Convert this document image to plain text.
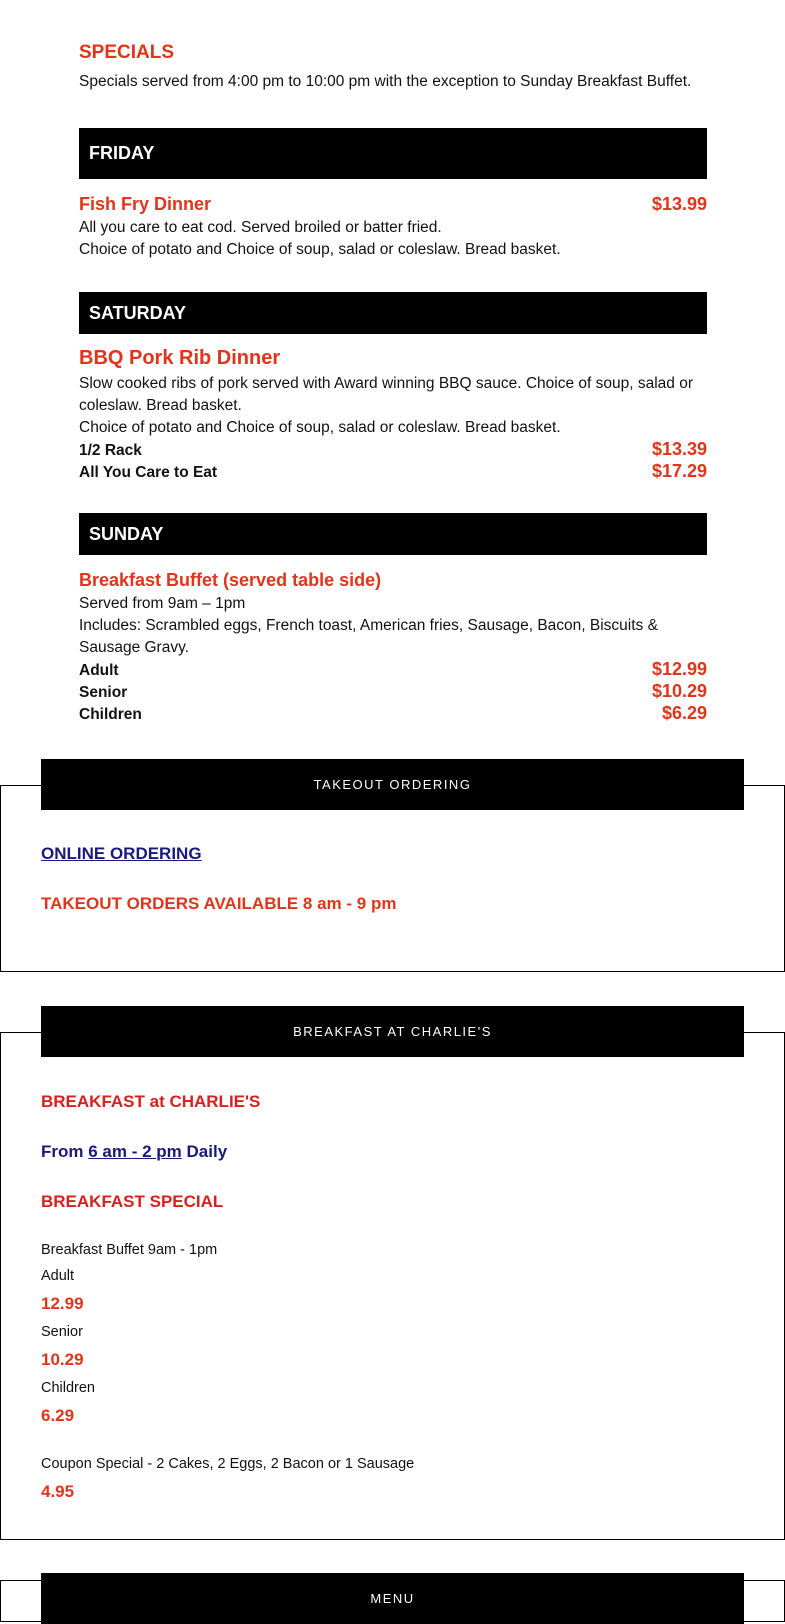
SPECIALS

Specials served from 4:00 pm to 10:00 pm with the exception to Sunday Breakfast Buffet.

FRIDAY
Fish Fry Dinner	$13.99

All you care to eat cod. Served broiled or batter fried.

Choice of potato and Choice of soup, salad or coleslaw. Bread basket.

SATURDAY
BBQ Pork Rib Dinner

Slow cooked ribs of pork served with Award winning BBQ sauce. Choice of soup, salad or coleslaw. Bread basket.

Choice of potato and Choice of soup, salad or coleslaw. Bread basket.

1/2 Rack	$13.39
All You Care to Eat	$17.29
SUNDAY
Breakfast Buffet (served table side)

Served from 9am – 1pm

Includes: Scrambled eggs, French toast, American fries, Sausage, Bacon, Biscuits & Sausage Gravy.

Adult	$12.99
Senior	$10.29
Children	$6.29
TAKEOUT ORDERING
ONLINE ORDERING

TAKEOUT ORDERS AVAILABLE 8 am - 9 pm

BREAKFAST AT CHARLIE'S

BREAKFAST at CHARLIE'S

From 6 am - 2 pm Daily

BREAKFAST SPECIAL

Breakfast Buffet 9am - 1pm

Adult

12.99

Senior

10.29

Children

6.29

Coupon Special - 2 Cakes, 2 Eggs, 2 Bacon or 1 Sausage

4.95

MENU
